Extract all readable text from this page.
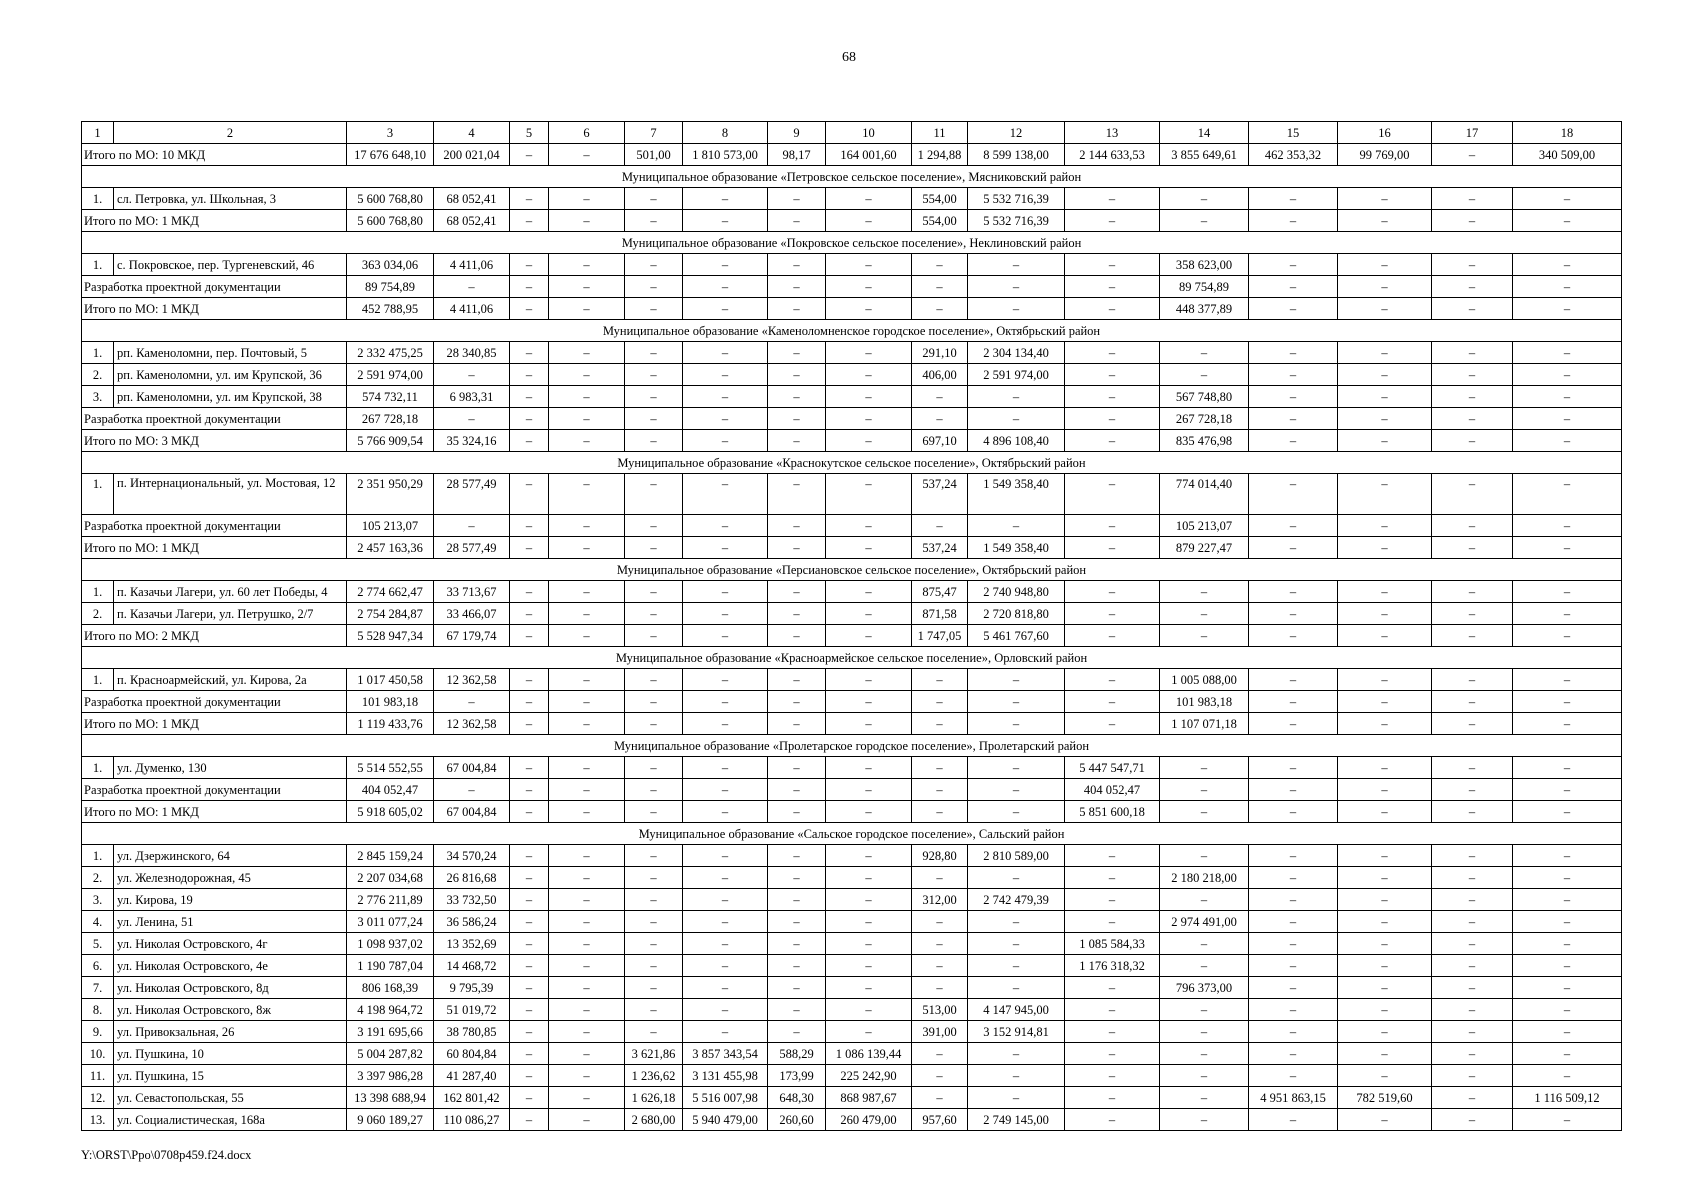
68
1	2	3	4	5	6	7	8	9	10	11	12	13	14	15	16	17	18
Итого по МО: 10 МКД		17 676 648,10	200 021,04	–	–	501,00	1 810 573,00	98,17	164 001,60	1 294,88	8 599 138,00	2 144 633,53	3 855 649,61	462 353,32	99 769,00	–	340 509,00
Муниципальное образование «Петровское сельское поселение», Мясниковский район																	
1.	сл. Петровка, ул. Школьная, 3	5 600 768,80	68 052,41	–	–	–	–	–	–	554,00	5 532 716,39	–	–	–	–	–	–
Итого по МО: 1 МКД		5 600 768,80	68 052,41	–	–	–	–	–	–	554,00	5 532 716,39	–	–	–	–	–	–
Муниципальное образование «Покровское сельское поселение», Неклиновский район																	
1.	с. Покровское, пер. Тургеневский, 46	363 034,06	4 411,06	–	–	–	–	–	–	–	–	–	358 623,00	–	–	–	–
Разработка проектной документации		89 754,89	–	–	–	–	–	–	–	–	–	–	89 754,89	–	–	–	–
Итого по МО: 1 МКД		452 788,95	4 411,06	–	–	–	–	–	–	–	–	–	448 377,89	–	–	–	–
Муниципальное образование «Каменоломненское городское поселение», Октябрьский район																	
1.	рп. Каменоломни, пер. Почтовый, 5	2 332 475,25	28 340,85	–	–	–	–	–	–	291,10	2 304 134,40	–	–	–	–	–	–
2.	рп. Каменоломни, ул. им Крупской, 36	2 591 974,00	–	–	–	–	–	–	–	406,00	2 591 974,00	–	–	–	–	–	–
3.	рп. Каменоломни, ул. им Крупской, 38	574 732,11	6 983,31	–	–	–	–	–	–	–	–	–	567 748,80	–	–	–	–
Разработка проектной документации		267 728,18	–	–	–	–	–	–	–	–	–	–	267 728,18	–	–	–	–
Итого по МО: 3 МКД		5 766 909,54	35 324,16	–	–	–	–	–	–	697,10	4 896 108,40	–	835 476,98	–	–	–	–
Муниципальное образование «Краснокутское сельское поселение», Октябрьский район																	
1.	п. Интернациональный, ул. Мостовая, 12	2 351 950,29	28 577,49	–	–	–	–	–	–	537,24	1 549 358,40	–	774 014,40	–	–	–	–
Разработка проектной документации		105 213,07	–	–	–	–	–	–	–	–	–	–	105 213,07	–	–	–	–
Итого по МО: 1 МКД		2 457 163,36	28 577,49	–	–	–	–	–	–	537,24	1 549 358,40	–	879 227,47	–	–	–	–
Муниципальное образование «Персиановское сельское поселение», Октябрьский район																	
1.	п. Казачьи Лагери, ул. 60 лет Победы, 4	2 774 662,47	33 713,67	–	–	–	–	–	–	875,47	2 740 948,80	–	–	–	–	–	–
2.	п. Казачьи Лагери, ул. Петрушко, 2/7	2 754 284,87	33 466,07	–	–	–	–	–	–	871,58	2 720 818,80	–	–	–	–	–	–
Итого по МО: 2 МКД		5 528 947,34	67 179,74	–	–	–	–	–	–	1 747,05	5 461 767,60	–	–	–	–	–	–
Муниципальное образование «Красноармейское сельское поселение», Орловский район																	
1.	п. Красноармейский, ул. Кирова, 2а	1 017 450,58	12 362,58	–	–	–	–	–	–	–	–	–	1 005 088,00	–	–	–	–
Разработка проектной документации		101 983,18	–	–	–	–	–	–	–	–	–	–	101 983,18	–	–	–	–
Итого по МО: 1 МКД		1 119 433,76	12 362,58	–	–	–	–	–	–	–	–	–	1 107 071,18	–	–	–	–
Муниципальное образование «Пролетарское городское поселение», Пролетарский район																	
1.	ул. Думенко, 130	5 514 552,55	67 004,84	–	–	–	–	–	–	–	–	5 447 547,71	–	–	–	–	–
Разработка проектной документации		404 052,47	–	–	–	–	–	–	–	–	–	404 052,47	–	–	–	–	–
Итого по МО: 1 МКД		5 918 605,02	67 004,84	–	–	–	–	–	–	–	–	5 851 600,18	–	–	–	–	–
Муниципальное образование «Сальское городское поселение», Сальский район																	
1.	ул. Дзержинского, 64	2 845 159,24	34 570,24	–	–	–	–	–	–	928,80	2 810 589,00	–	–	–	–	–	–
2.	ул. Железнодорожная, 45	2 207 034,68	26 816,68	–	–	–	–	–	–	–	–	–	2 180 218,00	–	–	–	–
3.	ул. Кирова, 19	2 776 211,89	33 732,50	–	–	–	–	–	–	312,00	2 742 479,39	–	–	–	–	–	–
4.	ул. Ленина, 51	3 011 077,24	36 586,24	–	–	–	–	–	–	–	–	–	2 974 491,00	–	–	–	–
5.	ул. Николая Островского, 4г	1 098 937,02	13 352,69	–	–	–	–	–	–	–	–	1 085 584,33	–	–	–	–	–
6.	ул. Николая Островского, 4е	1 190 787,04	14 468,72	–	–	–	–	–	–	–	–	1 176 318,32	–	–	–	–	–
7.	ул. Николая Островского, 8д	806 168,39	9 795,39	–	–	–	–	–	–	–	–	–	796 373,00	–	–	–	–
8.	ул. Николая Островского, 8ж	4 198 964,72	51 019,72	–	–	–	–	–	–	513,00	4 147 945,00	–	–	–	–	–	–
9.	ул. Привокзальная, 26	3 191 695,66	38 780,85	–	–	–	–	–	–	391,00	3 152 914,81	–	–	–	–	–	–
10.	ул. Пушкина, 10	5 004 287,82	60 804,84	–	–	3 621,86	3 857 343,54	588,29	1 086 139,44	–	–	–	–	–	–	–	–
11.	ул. Пушкина, 15	3 397 986,28	41 287,40	–	–	1 236,62	3 131 455,98	173,99	225 242,90	–	–	–	–	–	–	–	–
12.	ул. Севастопольская, 55	13 398 688,94	162 801,42	–	–	1 626,18	5 516 007,98	648,30	868 987,67	–	–	–	–	4 951 863,15	782 519,60	–	1 116 509,12
13.	ул. Социалистическая, 168а	9 060 189,27	110 086,27	–	–	2 680,00	5 940 479,00	260,60	260 479,00	957,60	2 749 145,00	–	–	–	–	–	–
Y:\ORST\Ppo\0708p459.f24.docx
